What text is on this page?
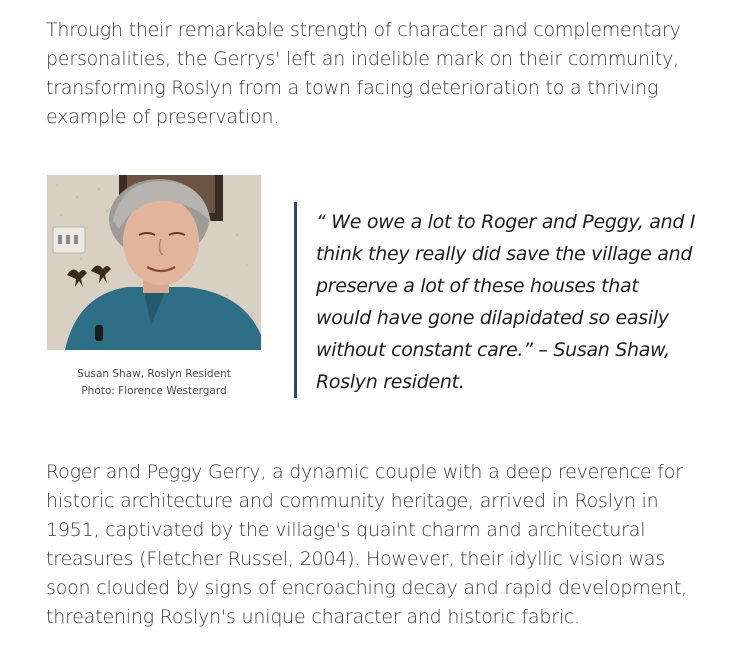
Through their remarkable strength of character and complementary personalities, the Gerrys' left an indelible mark on their community, transforming Roslyn from a town facing deterioration to a thriving example of preservation.

Susan Shaw, Roslyn Resident
Photo: Florence Westergard

“ We owe a lot to Roger and Peggy, and I think they really did save the village and preserve a lot of these houses that would have gone dilapidated so easily without constant care.” – Susan Shaw, Roslyn resident.

Roger and Peggy Gerry, a dynamic couple with a deep reverence for historic architecture and community heritage, arrived in Roslyn in 1951, captivated by the village's quaint charm and architectural treasures (Fletcher Russel, 2004). However, their idyllic vision was soon clouded by signs of encroaching decay and rapid development, threatening Roslyn's unique character and historic fabric.
